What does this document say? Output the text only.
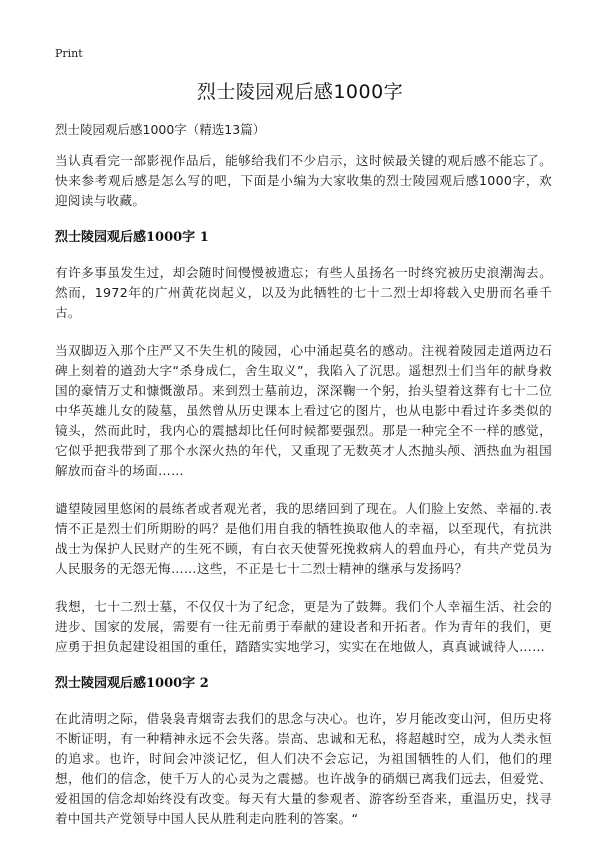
Print
烈士陵园观后感1000字

烈士陵园观后感1000字（精选13篇）

当认真看完一部影视作品后，能够给我们不少启示，这时候最关键的观后感不能忘了。快来参考观后感是怎么写的吧，下面是小编为大家收集的烈士陵园观后感1000字，欢迎阅读与收藏。

烈士陵园观后感1000字 1

有许多事虽发生过，却会随时间慢慢被遗忘；有些人虽扬名一时终究被历史浪潮淘去。然而，1972年的广州黄花岗起义，以及为此牺牲的七十二烈士却将载入史册而名垂千古。

当双脚迈入那个庄严又不失生机的陵园，心中涌起莫名的感动。注视着陵园走道两边石碑上刻着的遒劲大字“杀身成仁，舍生取义”，我陷入了沉思。遥想烈士们当年的献身救国的豪情万丈和慷慨激昂。来到烈士墓前边，深深鞠一个躬，抬头望着这葬有七十二位中华英雄儿女的陵墓，虽然曾从历史课本上看过它的图片，也从电影中看过许多类似的镜头，然而此时，我内心的震撼却比任何时候都要强烈。那是一种完全不一样的感觉，它似乎把我带到了那个水深火热的年代，又重现了无数英才人杰抛头颅、洒热血为祖国解放而奋斗的场面……

谴望陵园里悠闲的晨练者或者观光者，我的思绪回到了现在。人们脸上安然、幸福的.表情不正是烈士们所期盼的吗？是他们用自我的牺牲换取他人的幸福，以至现代，有抗洪战士为保护人民财产的生死不顾，有白衣天使誓死挽救病人的碧血丹心，有共产党员为人民服务的无怨无悔……这些，不正是七十二烈士精神的继承与发扬吗？

我想，七十二烈士墓，不仅仅十为了纪念，更是为了鼓舞。我们个人幸福生活、社会的进步、国家的发展，需要有一往无前勇于奉献的建设者和开拓者。作为青年的我们，更应勇于担负起建设祖国的重任，踏踏实实地学习，实实在在地做人，真真诚诚待人……

烈士陵园观后感1000字 2

在此清明之际，借袅袅青烟寄去我们的思念与决心。也许，岁月能改变山河，但历史将不断证明，有一种精神永远不会失落。崇高、忠诚和无私，将超越时空，成为人类永恒的追求。也许，时间会冲淡记忆，但人们决不会忘记，为祖国牺牲的人们，他们的理想，他们的信念，使千万人的心灵为之震撼。也许战争的硝烟已离我们远去，但爱党、爱祖国的信念却始终没有改变。每天有大量的参观者、游客纷至沓来，重温历史，找寻着中国共产党领导中国人民从胜利走向胜利的答案。“
